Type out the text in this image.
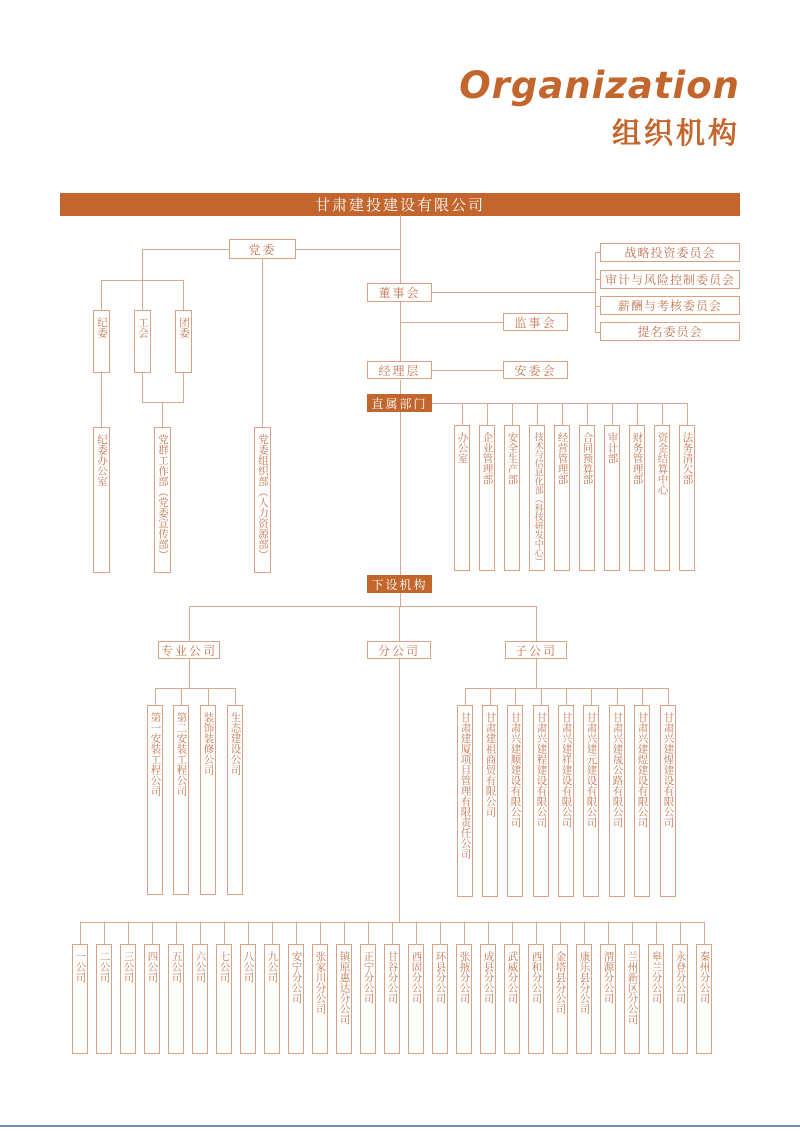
Organization
组织机构
甘肃建投建设有限公司
党委
董事会
监事会
经理层	安委会
直属部门
下设机构
专业公司	分公司	子公司
纪委办公室	党群工作部（党委宣传部）	党委组织部（人力资源部）
战略投资委员会
审计与风险控制委员会
薪酬与考核委员会
提名委员会
纪委	工会	团委
办公室 企业管理部 安全生产部	技术与信息化部（科技研发中心） 经营管理部 合同预算部 审计部 财务管理部 资金结算中心 法务清欠部
第一安装工程公司 第二安装工程公司 装饰装修公司 生态建设公司	甘肃建厦项目管理有限责任公司 甘肃建祖商贸有限公司 甘肃兴建顺建设有限公司 甘肃兴建程建设有限公司 甘肃兴建祥建设有限公司 甘肃兴建元建设有限公司 甘肃兴建晟公路有限公司 甘肃兴建煜建设有限公司 甘肃兴建煋建设有限公司
一公司 二公司 三公司 四公司 五公司 六公司 七公司 八公司 九公司 安宁分公司 张家川分公司 镇原惠达分公司 正宁分公司 甘谷分公司 西固分公司 环县分公司 张掖分公司 成县分公司 武威分公司 西和分公司 金塔县分公司 康乐县分公司 渭源分公司 兰州新区分公司 皋兰分公司 永登分公司 秦州分公司
